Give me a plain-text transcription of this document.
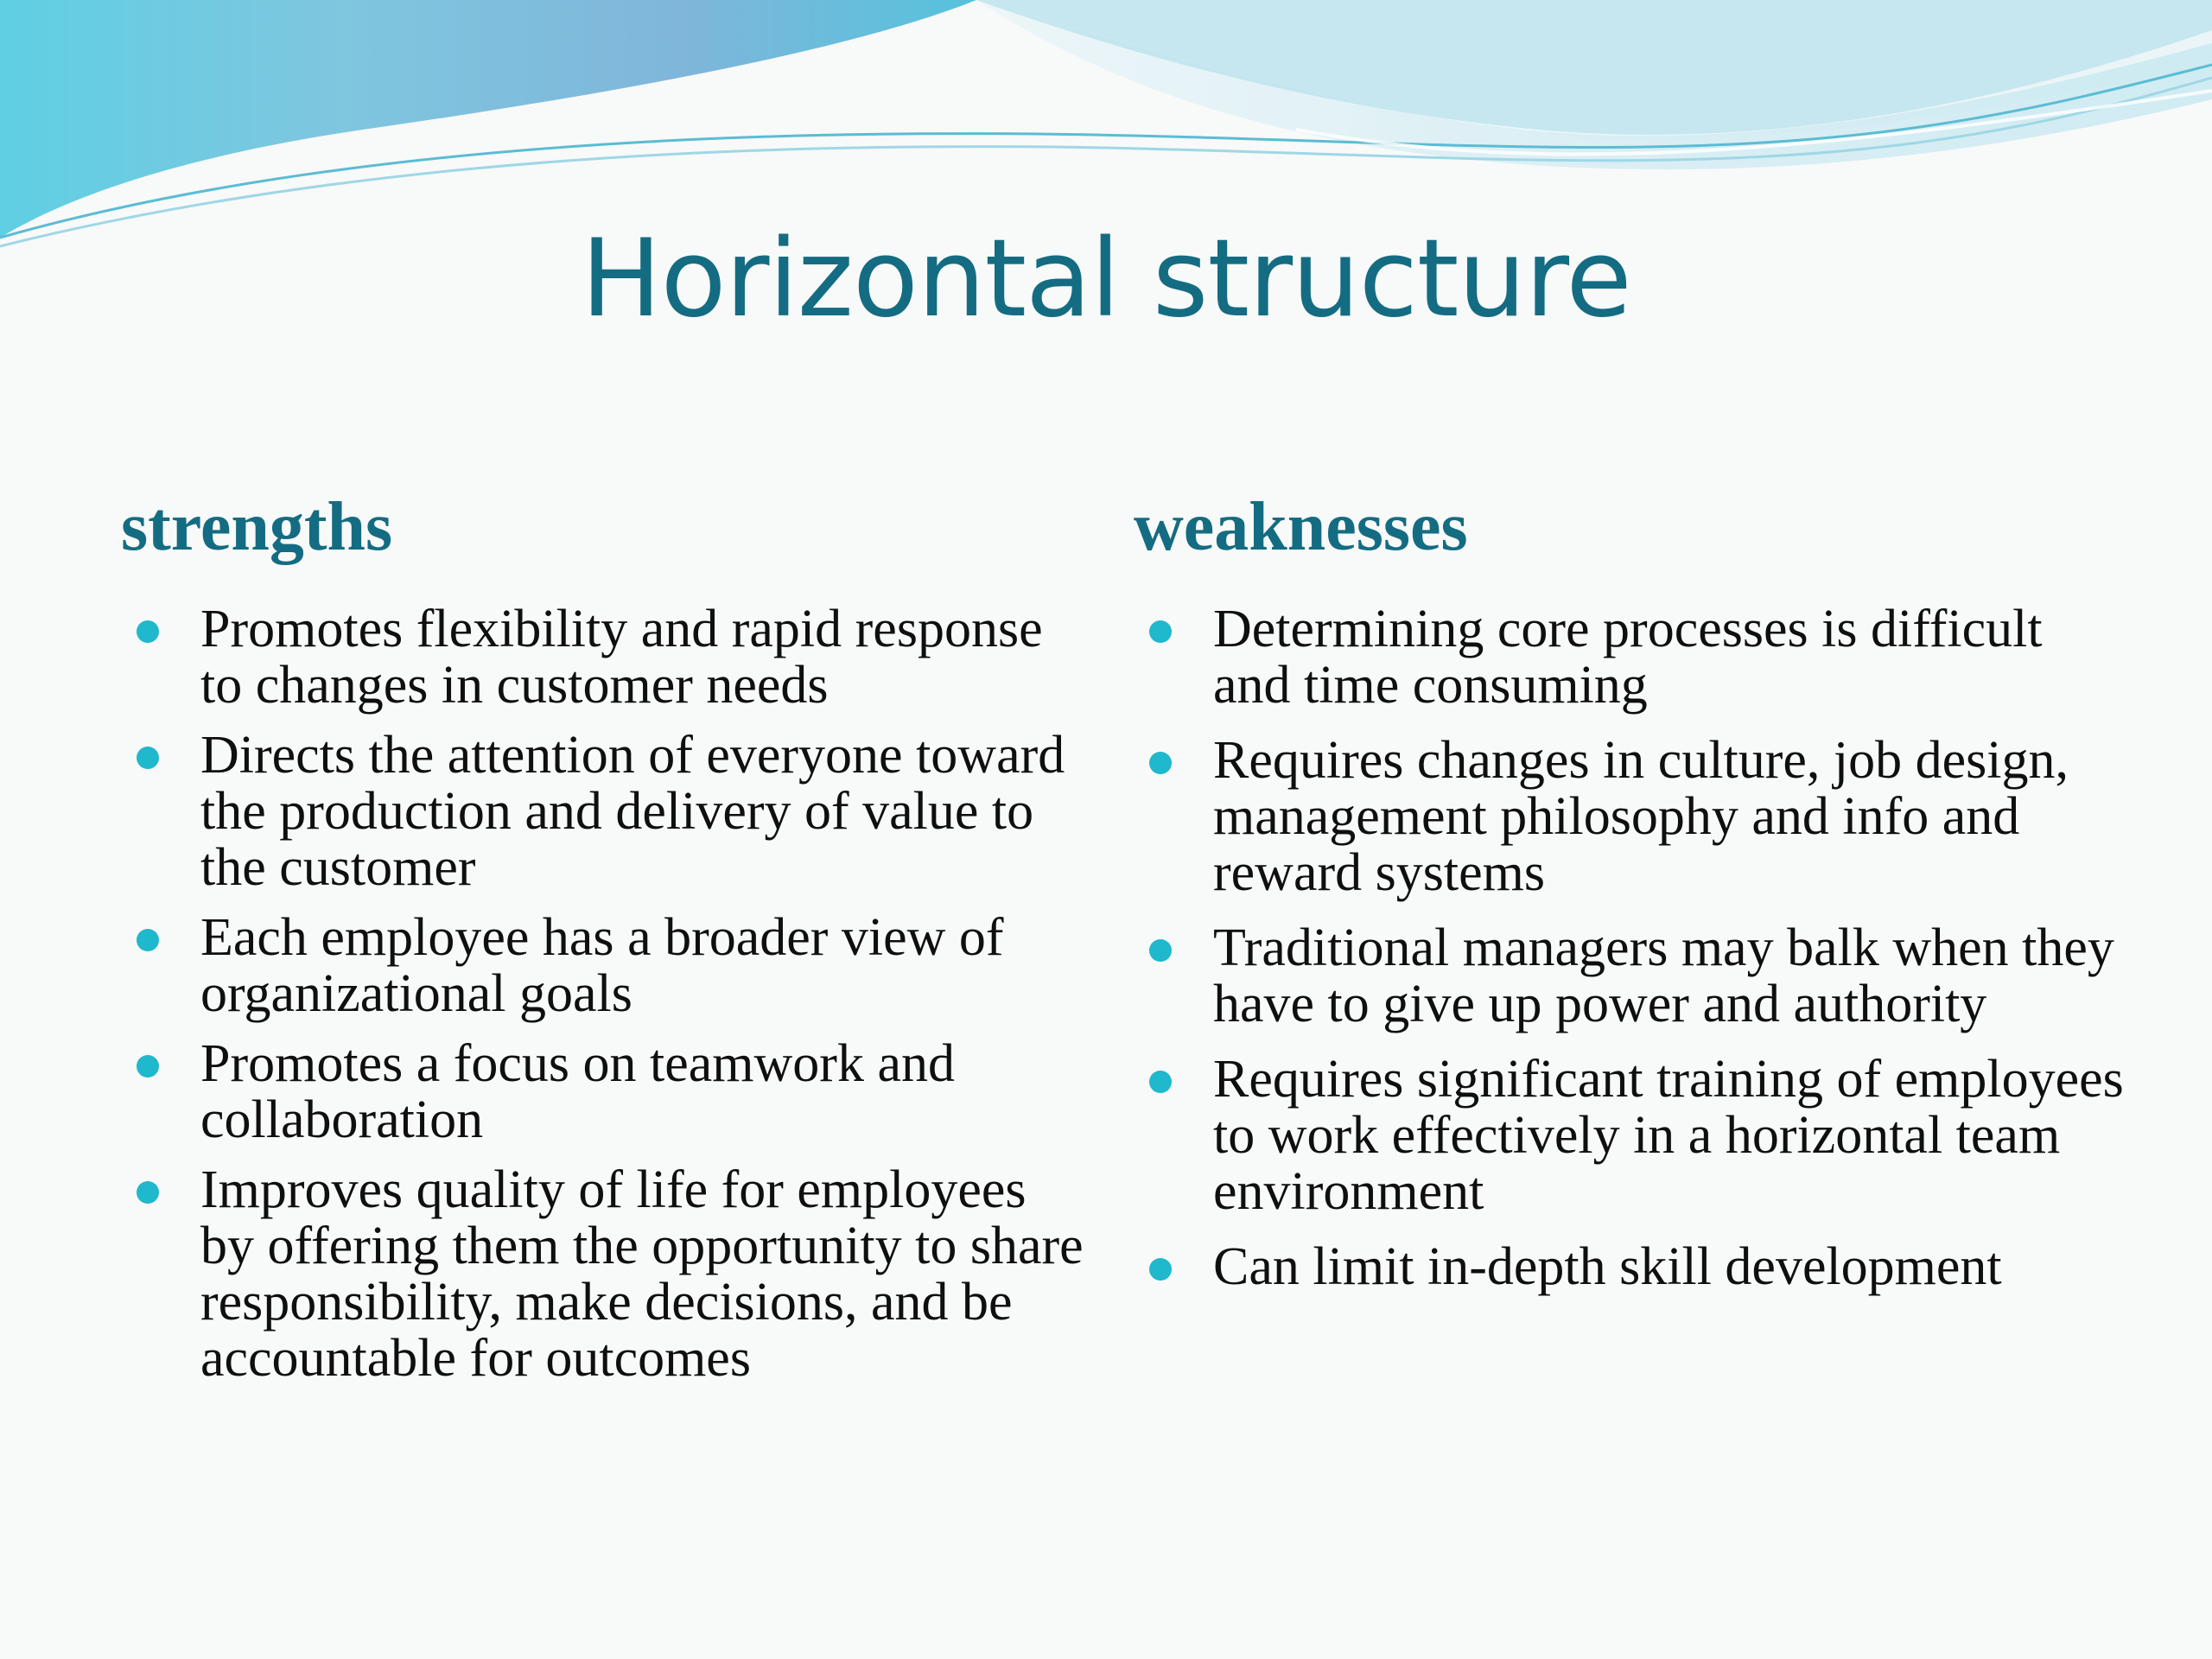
Horizontal structure
strengths
Promotes flexibility and rapid response to changes in customer needs
Directs the attention of everyone toward the production and delivery of value to the customer
Each employee has a broader view of organizational goals
Promotes a focus on teamwork and collaboration
Improves quality of life for employees by offering them the opportunity to share responsibility, make decisions, and be accountable for outcomes
weaknesses
Determining core processes is difficult and time consuming
Requires changes in culture, job design, management philosophy and info and reward systems
Traditional managers may balk when they have to give up power and authority
Requires significant training of employees to work effectively in a horizontal team environment
Can limit in-depth skill development
